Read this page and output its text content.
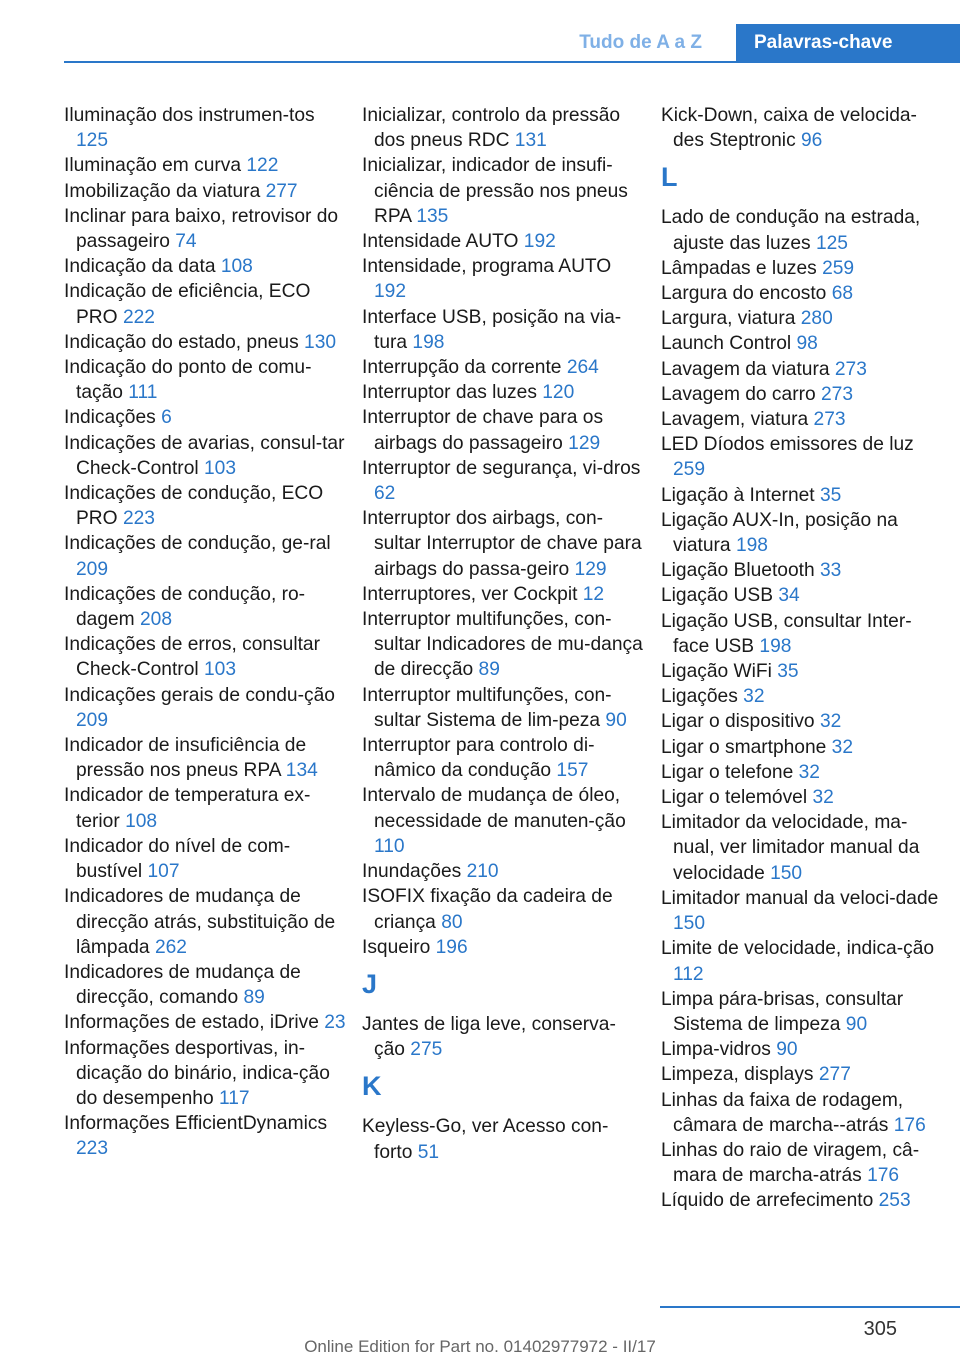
Tudo de A a Z	Palavras-chave
Iluminação dos instrumen-tos 125
Iluminação em curva 122
Imobilização da viatura 277
Inclinar para baixo, retrovisor do passageiro 74
Indicação da data 108
Indicação de eficiência, ECO PRO 222
Indicação do estado, pneus 130
Indicação do ponto de comu-tação 111
Indicações 6
Indicações de avarias, consul-tar Check-Control 103
Indicações de condução, ECO PRO 223
Indicações de condução, ge-ral 209
Indicações de condução, ro-dagem 208
Indicações de erros, consultar Check-Control 103
Indicações gerais de condu-ção 209
Indicador de insuficiência de pressão nos pneus RPA 134
Indicador de temperatura ex-terior 108
Indicador do nível de com-bustível 107
Indicadores de mudança de direcção atrás, substituição de lâmpada 262
Indicadores de mudança de direcção, comando 89
Informações de estado, iDrive 23
Informações desportivas, in-dicação do binário, indica-ção do desempenho 117
Informações EfficientDynamics 223
Inicializar, controlo da pressão dos pneus RDC 131
Inicializar, indicador de insufi-ciência de pressão nos pneus RPA 135
Intensidade AUTO 192
Intensidade, programa AUTO 192
Interface USB, posição na via-tura 198
Interrupção da corrente 264
Interruptor das luzes 120
Interruptor de chave para os airbags do passageiro 129
Interruptor de segurança, vi-dros 62
Interruptor dos airbags, con-sultar Interruptor de chave para airbags do passa-geiro 129
Interruptores, ver Cockpit 12
Interruptor multifunções, con-sultar Indicadores de mu-dança de direcção 89
Interruptor multifunções, con-sultar Sistema de lim-peza 90
Interruptor para controlo di-nâmico da condução 157
Intervalo de mudança de óleo, necessidade de manuten-ção 110
Inundações 210
ISOFIX fixação da cadeira de criança 80
Isqueiro 196
J
Jantes de liga leve, conserva-ção 275
K
Keyless-Go, ver Acesso con-forto 51
Kick-Down, caixa de velocida-des Steptronic 96
L
Lado de condução na estrada, ajuste das luzes 125
Lâmpadas e luzes 259
Largura do encosto 68
Largura, viatura 280
Launch Control 98
Lavagem da viatura 273
Lavagem do carro 273
Lavagem, viatura 273
LED Díodos emissores de luz 259
Ligação à Internet 35
Ligação AUX-In, posição na viatura 198
Ligação Bluetooth 33
Ligação USB 34
Ligação USB, consultar Inter-face USB 198
Ligação WiFi 35
Ligações 32
Ligar o dispositivo 32
Ligar o smartphone 32
Ligar o telefone 32
Ligar o telemóvel 32
Limitador da velocidade, ma-nual, ver limitador manual da velocidade 150
Limitador manual da veloci-dade 150
Limite de velocidade, indica-ção 112
Limpa pára-brisas, consultar Sistema de limpeza 90
Limpa-vidros 90
Limpeza, displays 277
Linhas da faixa de rodagem, câmara de marcha--atrás 176
Linhas do raio de viragem, câ-mara de marcha-atrás 176
Líquido de arrefecimento 253
305
Online Edition for Part no. 01402977972 - II/17
